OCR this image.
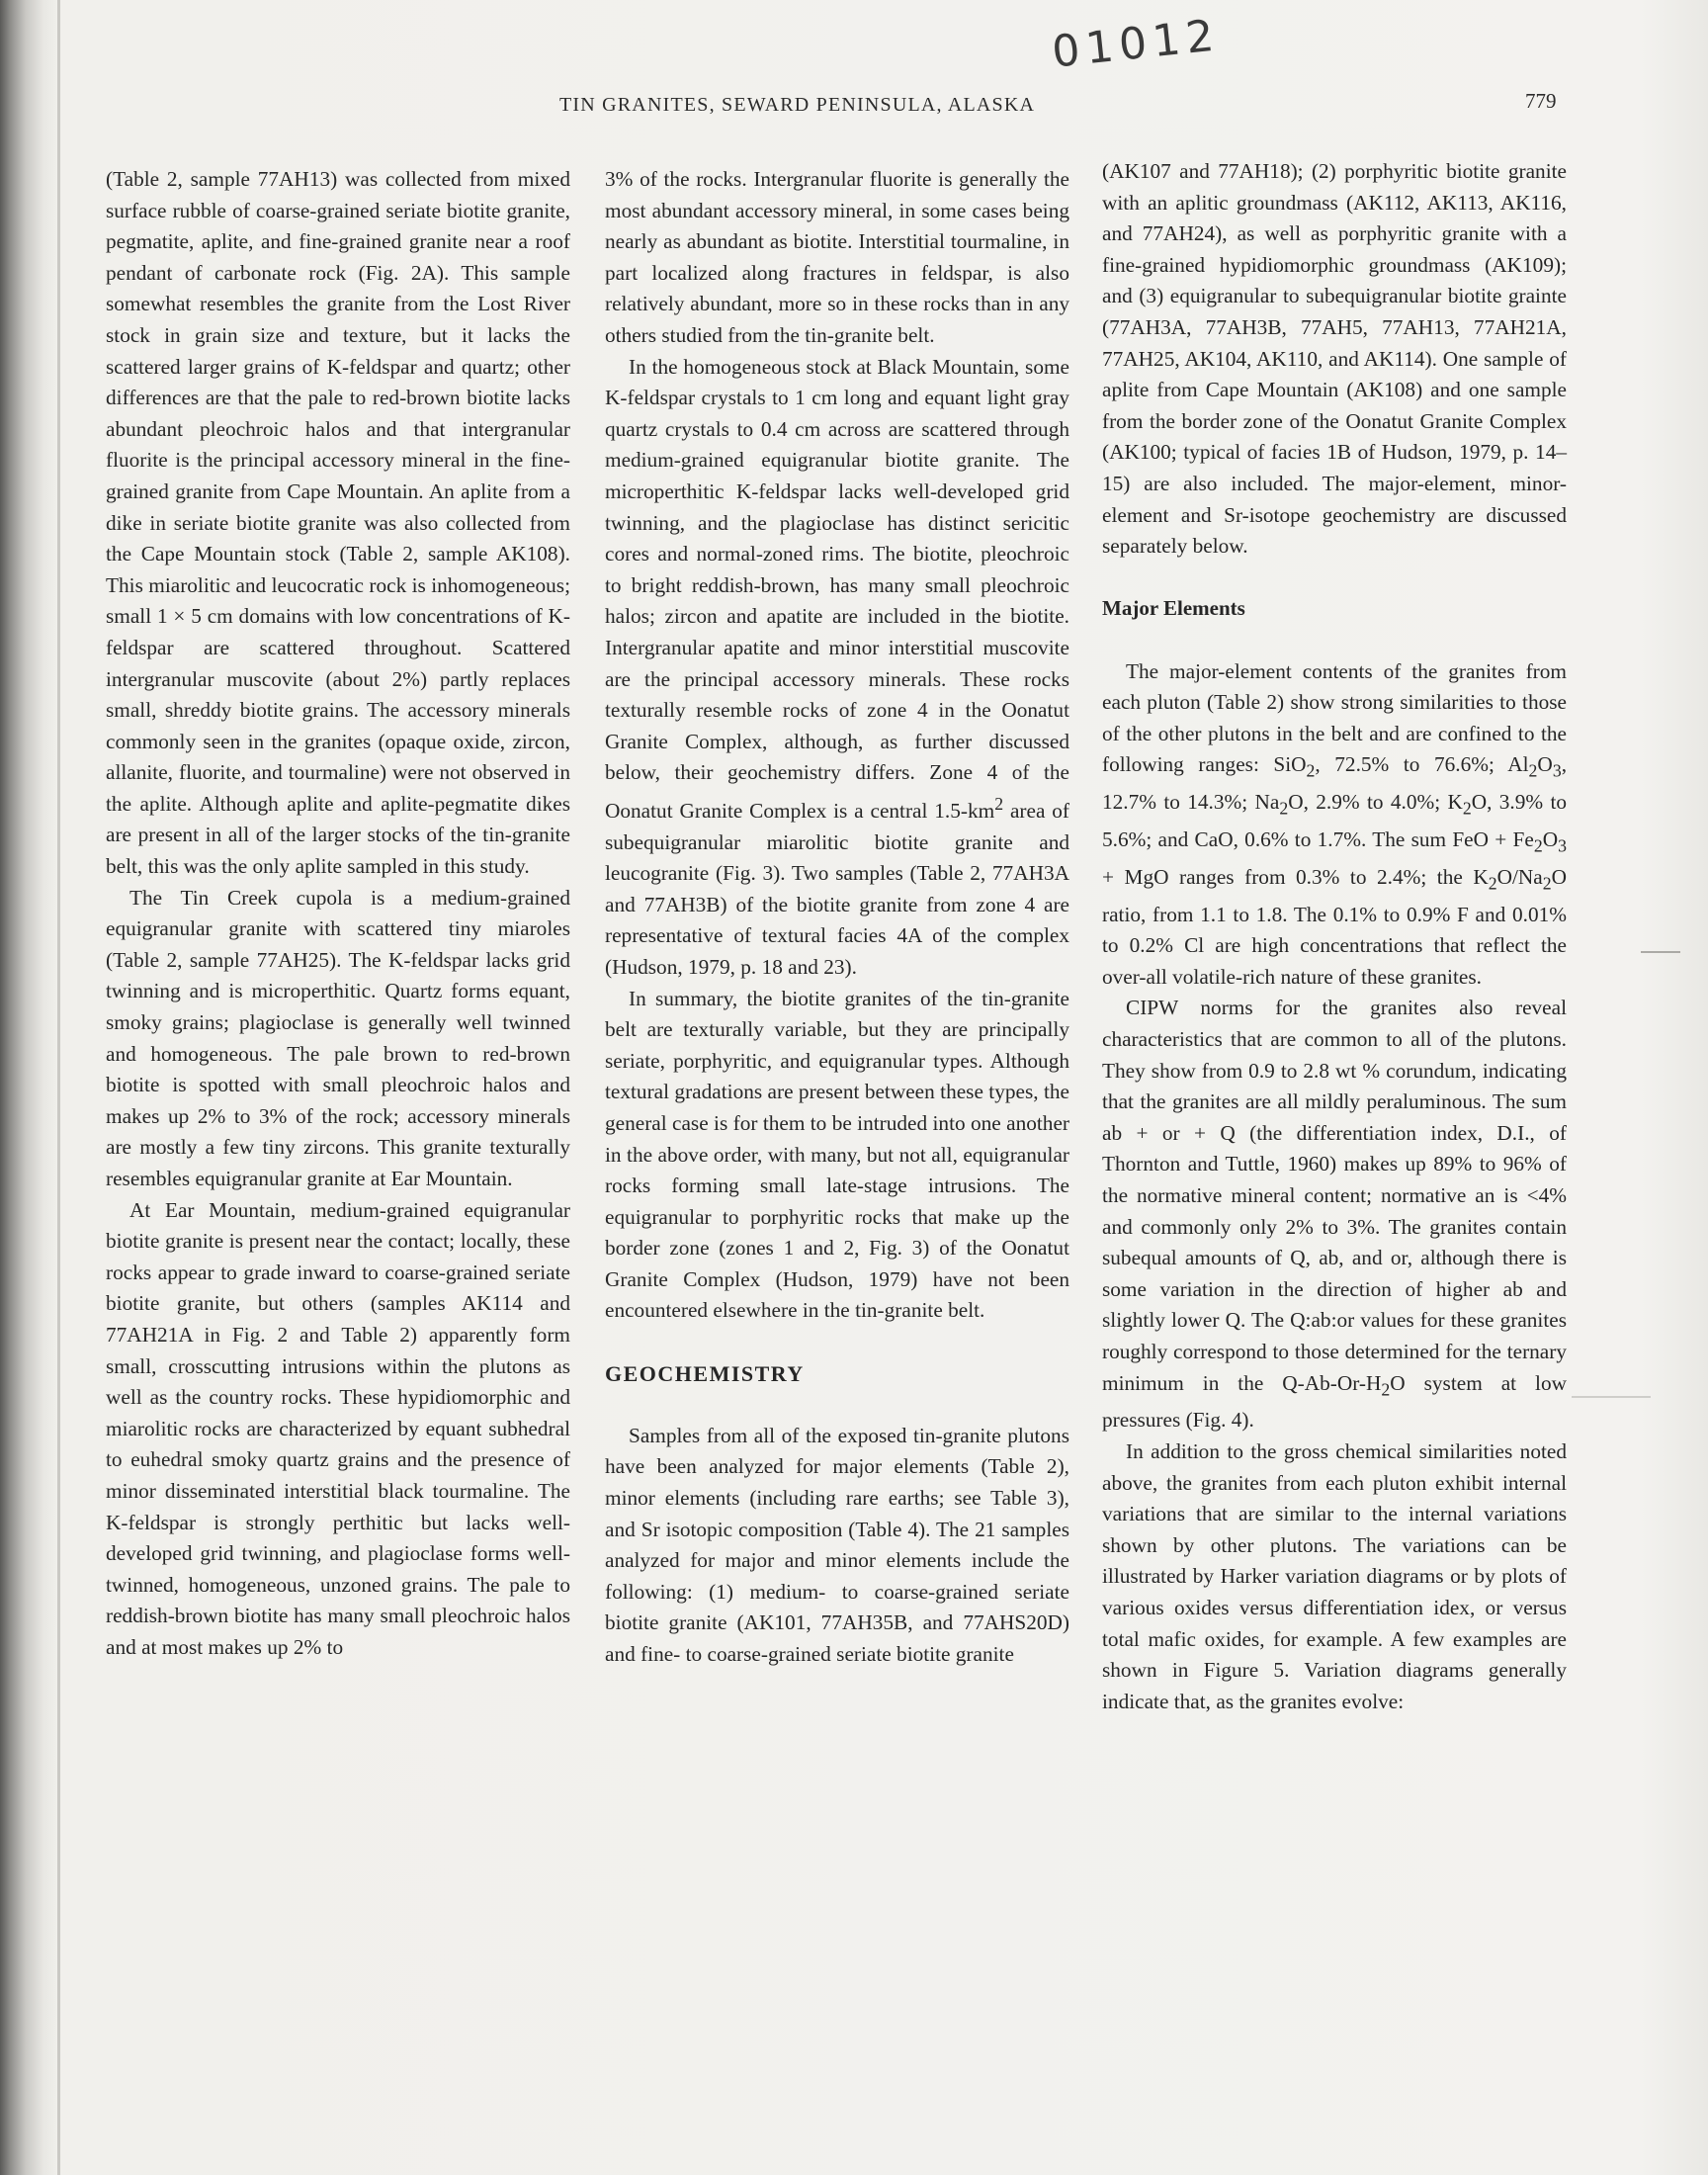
01012
TIN GRANITES, SEWARD PENINSULA, ALASKA	779

(Table 2, sample 77AH13) was collected from mixed surface rubble of coarse-grained seriate biotite granite, pegmatite, aplite, and fine-grained granite near a roof pendant of carbonate rock (Fig. 2A). This sample somewhat resembles the granite from the Lost River stock in grain size and texture, but it lacks the scattered larger grains of K-feldspar and quartz; other differences are that the pale to red-brown biotite lacks abundant pleochroic halos and that intergranular fluorite is the principal accessory mineral in the fine-grained granite from Cape Mountain. An aplite from a dike in seriate biotite granite was also collected from the Cape Mountain stock (Table 2, sample AK108). This miarolitic and leucocratic rock is inhomogeneous; small 1 × 5 cm domains with low concentrations of K-feldspar are scattered throughout. Scattered intergranular muscovite (about 2%) partly replaces small, shreddy biotite grains. The accessory minerals commonly seen in the granites (opaque oxide, zircon, allanite, fluorite, and tourmaline) were not observed in the aplite. Although aplite and aplite-pegmatite dikes are present in all of the larger stocks of the tin-granite belt, this was the only aplite sampled in this study.

The Tin Creek cupola is a medium-grained equigranular granite with scattered tiny miaroles (Table 2, sample 77AH25). The K-feldspar lacks grid twinning and is microperthitic. Quartz forms equant, smoky grains; plagioclase is generally well twinned and homogeneous. The pale brown to red-brown biotite is spotted with small pleochroic halos and makes up 2% to 3% of the rock; accessory minerals are mostly a few tiny zircons. This granite texturally resembles equigranular granite at Ear Mountain.

At Ear Mountain, medium-grained equigranular biotite granite is present near the contact; locally, these rocks appear to grade inward to coarse-grained seriate biotite granite, but others (samples AK114 and 77AH21A in Fig. 2 and Table 2) apparently form small, crosscutting intrusions within the plutons as well as the country rocks. These hypidiomorphic and miarolitic rocks are characterized by equant subhedral to euhedral smoky quartz grains and the presence of minor disseminated interstitial black tourmaline. The K-feldspar is strongly perthitic but lacks well-developed grid twinning, and plagioclase forms well-twinned, homogeneous, unzoned grains. The pale to reddish-brown biotite has many small pleochroic halos and at most makes up 2% to

3% of the rocks. Intergranular fluorite is generally the most abundant accessory mineral, in some cases being nearly as abundant as biotite. Interstitial tourmaline, in part localized along fractures in feldspar, is also relatively abundant, more so in these rocks than in any others studied from the tin-granite belt.

In the homogeneous stock at Black Mountain, some K-feldspar crystals to 1 cm long and equant light gray quartz crystals to 0.4 cm across are scattered through medium-grained equigranular biotite granite. The microperthitic K-feldspar lacks well-developed grid twinning, and the plagioclase has distinct sericitic cores and normal-zoned rims. The biotite, pleochroic to bright reddish-brown, has many small pleochroic halos; zircon and apatite are included in the biotite. Intergranular apatite and minor interstitial muscovite are the principal accessory minerals. These rocks texturally resemble rocks of zone 4 in the Oonatut Granite Complex, although, as further discussed below, their geochemistry differs. Zone 4 of the Oonatut Granite Complex is a central $1.5-km^2$ area of subequigranular miarolitic biotite granite and leucogranite (Fig. 3). Two samples (Table 2, 77AH3A and 77AH3B) of the biotite granite from zone 4 are representative of textural facies 4A of the complex (Hudson, 1979, p. 18 and 23).

In summary, the biotite granites of the tin-granite belt are texturally variable, but they are principally seriate, porphyritic, and equigranular types. Although textural gradations are present between these types, the general case is for them to be intruded into one another in the above order, with many, but not all, equigranular rocks forming small late-stage intrusions. The equigranular to porphyritic rocks that make up the border zone (zones 1 and 2, Fig. 3) of the Oonatut Granite Complex (Hudson, 1979) have not been encountered elsewhere in the tin-granite belt.

GEOCHEMISTRY

Samples from all of the exposed tin-granite plutons have been analyzed for major elements (Table 2), minor elements (including rare earths; see Table 3), and Sr isotopic composition (Table 4). The 21 samples analyzed for major and minor elements include the following: (1) medium- to coarse-grained seriate biotite granite (AK101, 77AH35B, and 77AHS20D) and fine- to coarse-grained seriate biotite granite

(AK107 and 77AH18); (2) porphyritic biotite granite with an aplitic groundmass (AK112, AK113, AK116, and 77AH24), as well as porphyritic granite with a fine-grained hypidiomorphic groundmass (AK109); and (3) equigranular to subequigranular biotite grainte (77AH3A, 77AH3B, 77AH5, 77AH13, 77AH21A, 77AH25, AK104, AK110, and AK114). One sample of aplite from Cape Mountain (AK108) and one sample from the border zone of the Oonatut Granite Complex (AK100; typical of facies 1B of Hudson, 1979, p. 14–15) are also included. The major-element, minor-element and Sr-isotope geochemistry are discussed separately below.

Major Elements

The major-element contents of the granites from each pluton (Table 2) show strong similarities to those of the other plutons in the belt and are confined to the following ranges: SiO$_2$, 72.5% to 76.6%; $Al_2O_3$, 12.7% to 14.3%; $Na_2O$, 2.9% to 4.0%; $K_2O$, 3.9% to 5.6%; and CaO, 0.6% to 1.7%. The sum FeO + $Fe_2O_3$ + MgO ranges from 0.3% to 2.4%; the $K_2O/Na_2O$ ratio, from 1.1 to 1.8. The 0.1% to 0.9% F and 0.01% to 0.2% Cl are high concentrations that reflect the over-all volatile-rich nature of these granites.

CIPW norms for the granites also reveal characteristics that are common to all of the plutons. They show from 0.9 to 2.8 wt % corundum, indicating that the granites are all mildly peraluminous. The sum ab + or + Q (the differentiation index, D.I., of Thornton and Tuttle, 1960) makes up 89% to 96% of the normative mineral content; normative an is <4% and commonly only 2% to 3%. The granites contain subequal amounts of Q, ab, and or, although there is some variation in the direction of higher ab and slightly lower Q. The Q:ab:or values for these granites roughly correspond to those determined for the ternary minimum in the $Q-Ab-Or-H_2O$ system at low pressures (Fig. 4).

In addition to the gross chemical similarities noted above, the granites from each pluton exhibit internal variations that are similar to the internal variations shown by other plutons. The variations can be illustrated by Harker variation diagrams or by plots of various oxides versus differentiation idex, or versus total mafic oxides, for example. A few examples are shown in Figure 5. Variation diagrams generally indicate that, as the granites evolve:
